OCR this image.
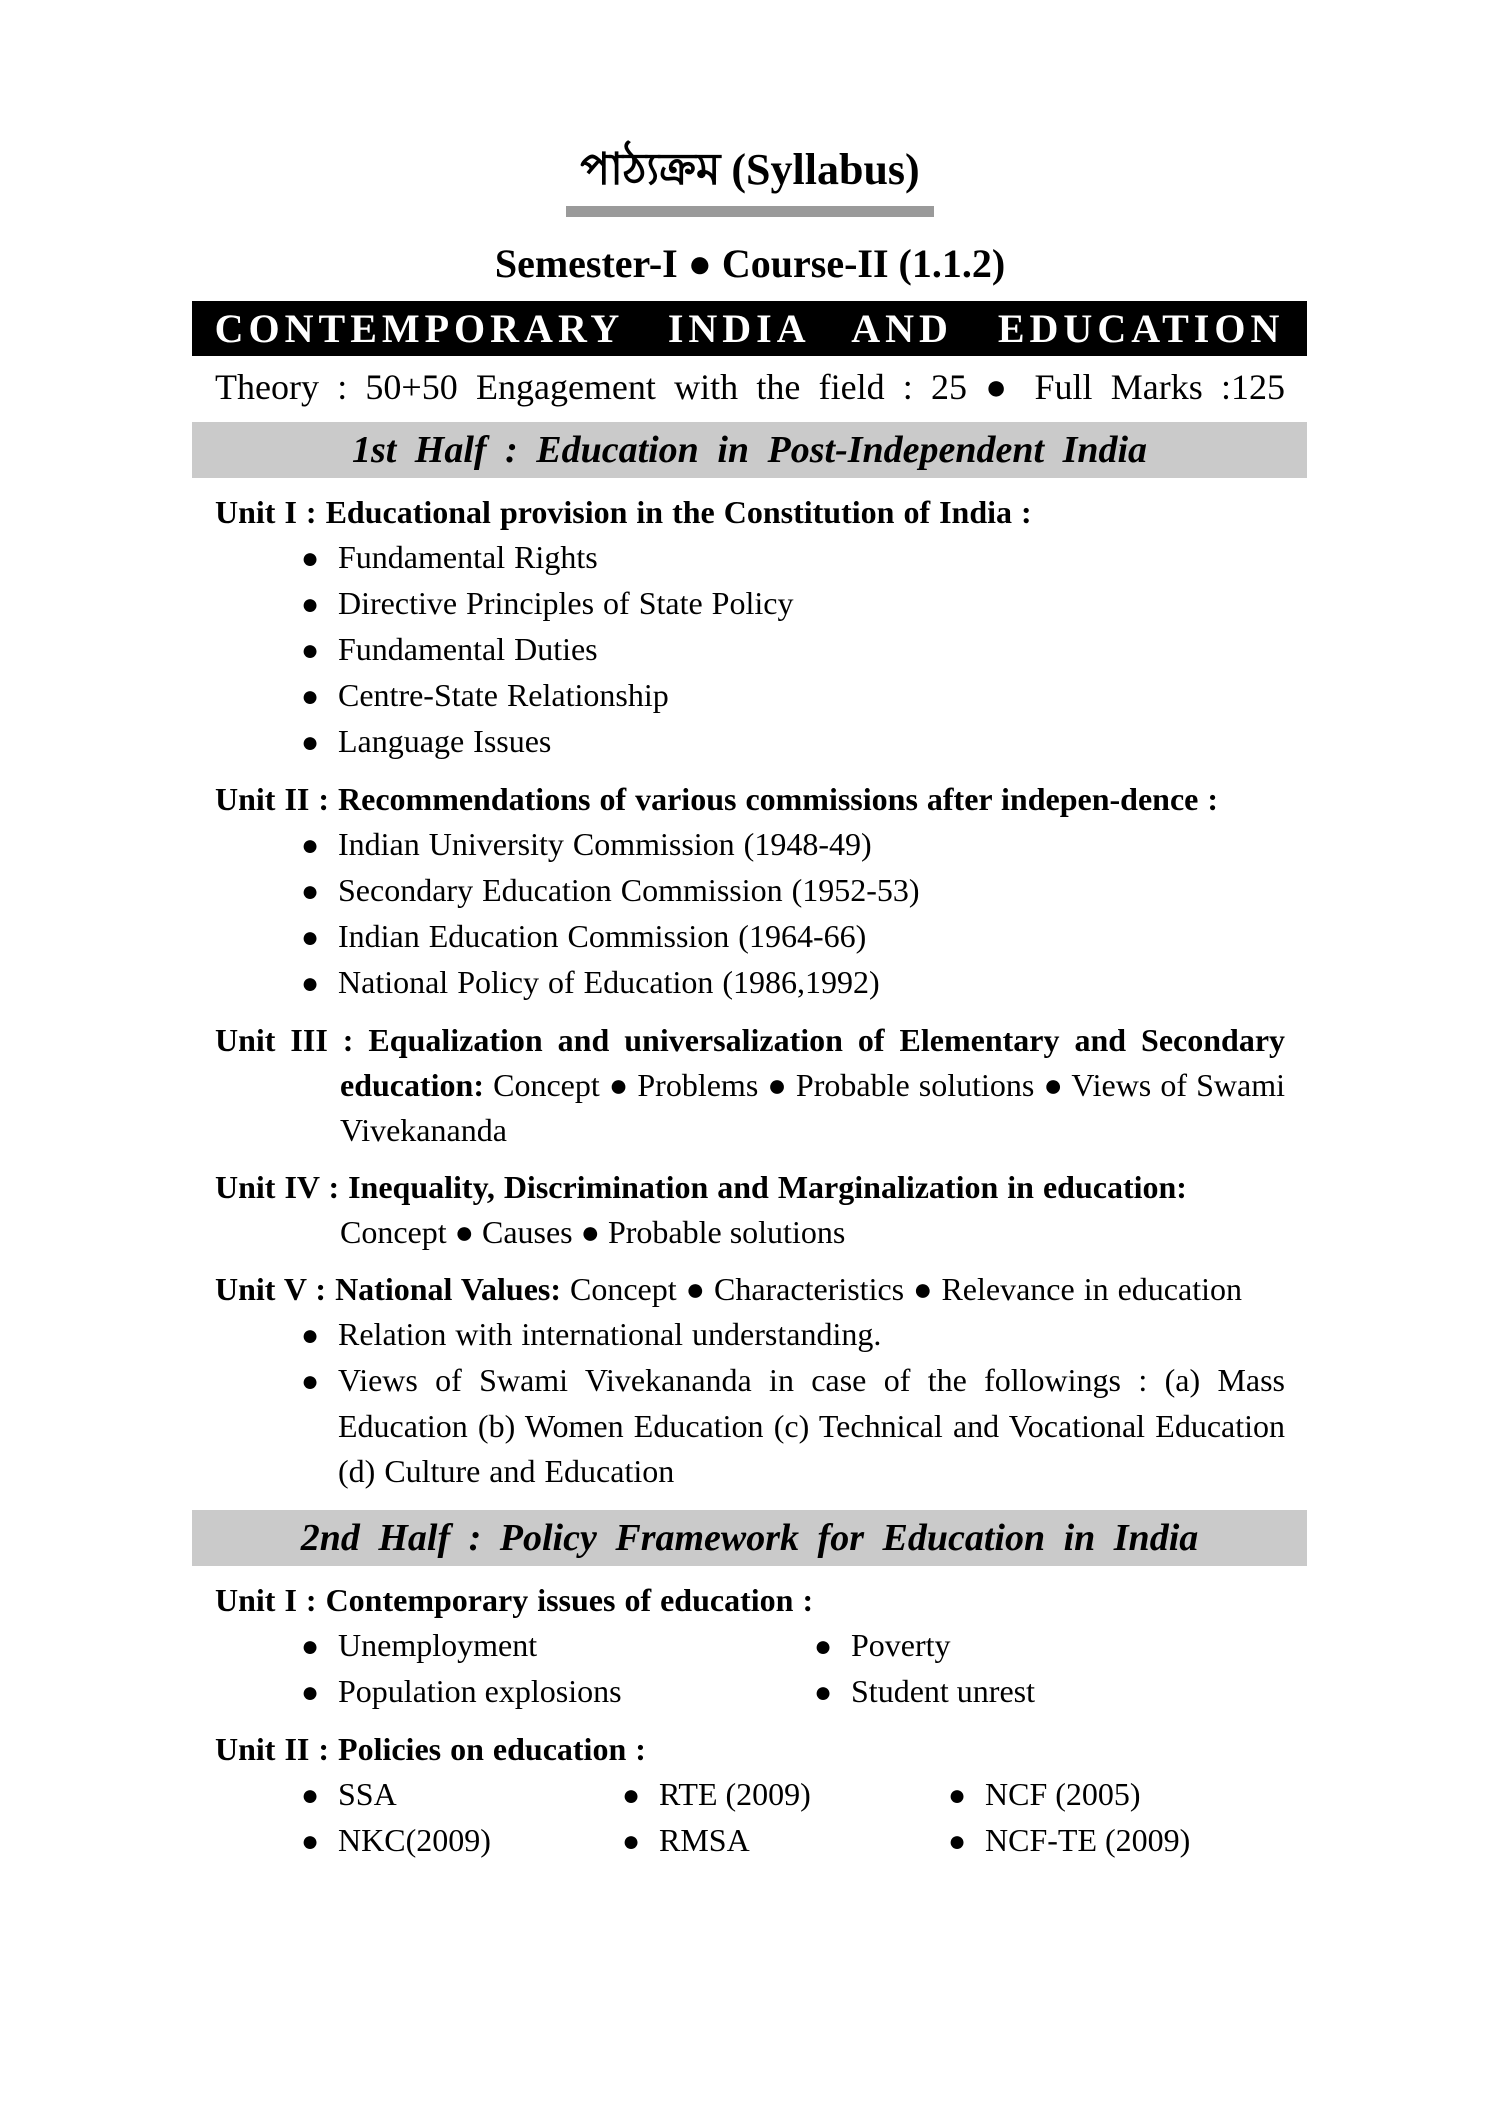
পাঠ্যক্রম (Syllabus)
Semester-I ● Course-II (1.1.2)
CONTEMPORARY INDIA AND EDUCATION
Theory : 50+50 Engagement with the field : 25 ● Full Marks :125
1st Half : Education in Post-Independent India
Unit I : Educational provision in the Constitution of India :
● Fundamental Rights
● Directive Principles of State Policy
● Fundamental Duties
● Centre-State Relationship
● Language Issues
Unit II : Recommendations of various commissions after indepen-dence :
● Indian University Commission (1948-49)
● Secondary Education Commission (1952-53)
● Indian Education Commission (1964-66)
● National Policy of Education (1986,1992)
Unit III : Equalization and universalization of Elementary and Secondary education: Concept ● Problems ● Probable solutions ● Views of Swami Vivekananda
Unit IV : Inequality, Discrimination and Marginalization in education:
Concept ● Causes ● Probable solutions
Unit V : National Values: Concept ● Characteristics ● Relevance in education
● Relation with international understanding.
● Views of Swami Vivekananda in case of the followings : (a) Mass Education (b) Women Education (c) Technical and Vocational Education (d) Culture and Education
2nd Half : Policy Framework for Education in India
Unit I : Contemporary issues of education :
● Unemployment	● Poverty
● Population explosions	● Student unrest
Unit II : Policies on education :
● SSA	● RTE (2009)	● NCF (2005)
● NKC(2009)	● RMSA	● NCF-TE (2009)
